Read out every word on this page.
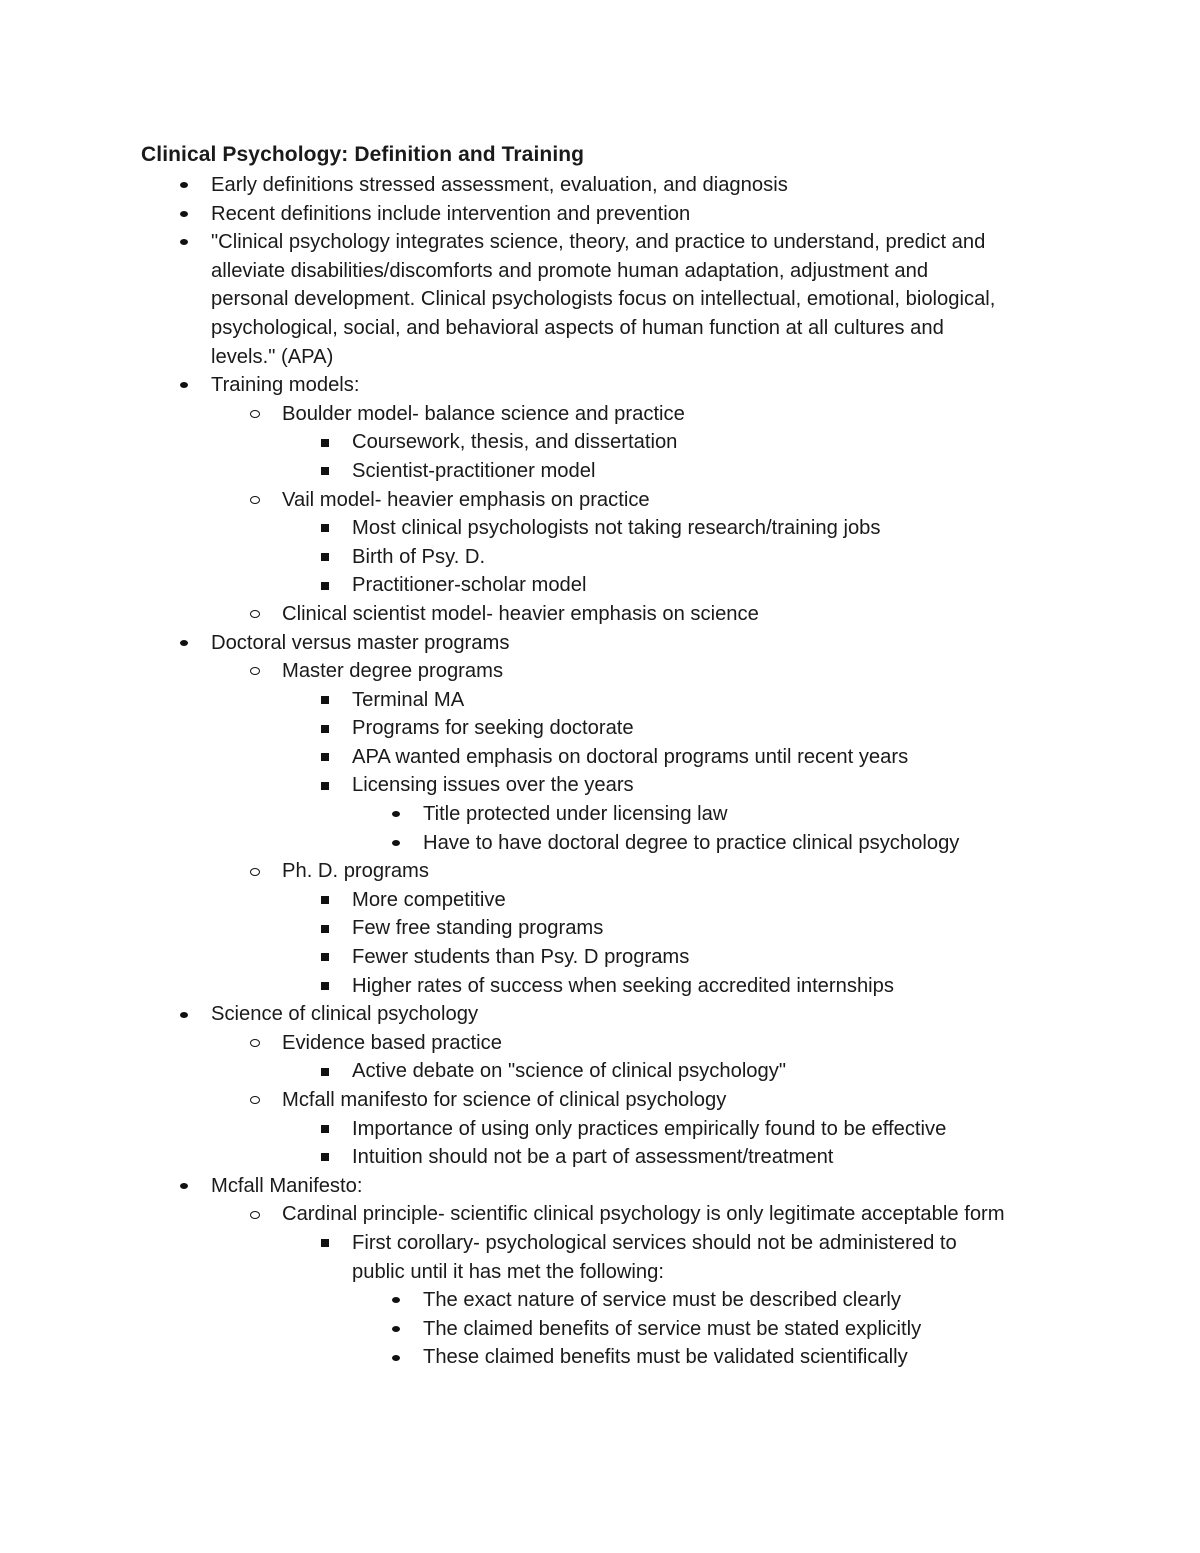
Clinical Psychology: Definition and Training
Early definitions stressed assessment, evaluation, and diagnosis
Recent definitions include intervention and prevention
"Clinical psychology integrates science, theory, and practice to understand, predict and
alleviate disabilities/discomforts and promote human adaptation, adjustment and
personal development. Clinical psychologists focus on intellectual, emotional, biological,
psychological, social, and behavioral aspects of human function at all cultures and
levels." (APA)
Training models:
Boulder model- balance science and practice
Coursework, thesis, and dissertation
Scientist-practitioner model
Vail model- heavier emphasis on practice
Most clinical psychologists not taking research/training jobs
Birth of Psy. D.
Practitioner-scholar model
Clinical scientist model- heavier emphasis on science
Doctoral versus master programs
Master degree programs
Terminal MA
Programs for seeking doctorate
APA wanted emphasis on doctoral programs until recent years
Licensing issues over the years
Title protected under licensing law
Have to have doctoral degree to practice clinical psychology
Ph. D. programs
More competitive
Few free standing programs
Fewer students than Psy. D programs
Higher rates of success when seeking accredited internships
Science of clinical psychology
Evidence based practice
Active debate on "science of clinical psychology"
Mcfall manifesto for science of clinical psychology
Importance of using only practices empirically found to be effective
Intuition should not be a part of assessment/treatment
Mcfall Manifesto:
Cardinal principle- scientific clinical psychology is only legitimate acceptable form
First corollary- psychological services should not be administered to
public until it has met the following:
The exact nature of service must be described clearly
The claimed benefits of service must be stated explicitly
These claimed benefits must be validated scientifically
